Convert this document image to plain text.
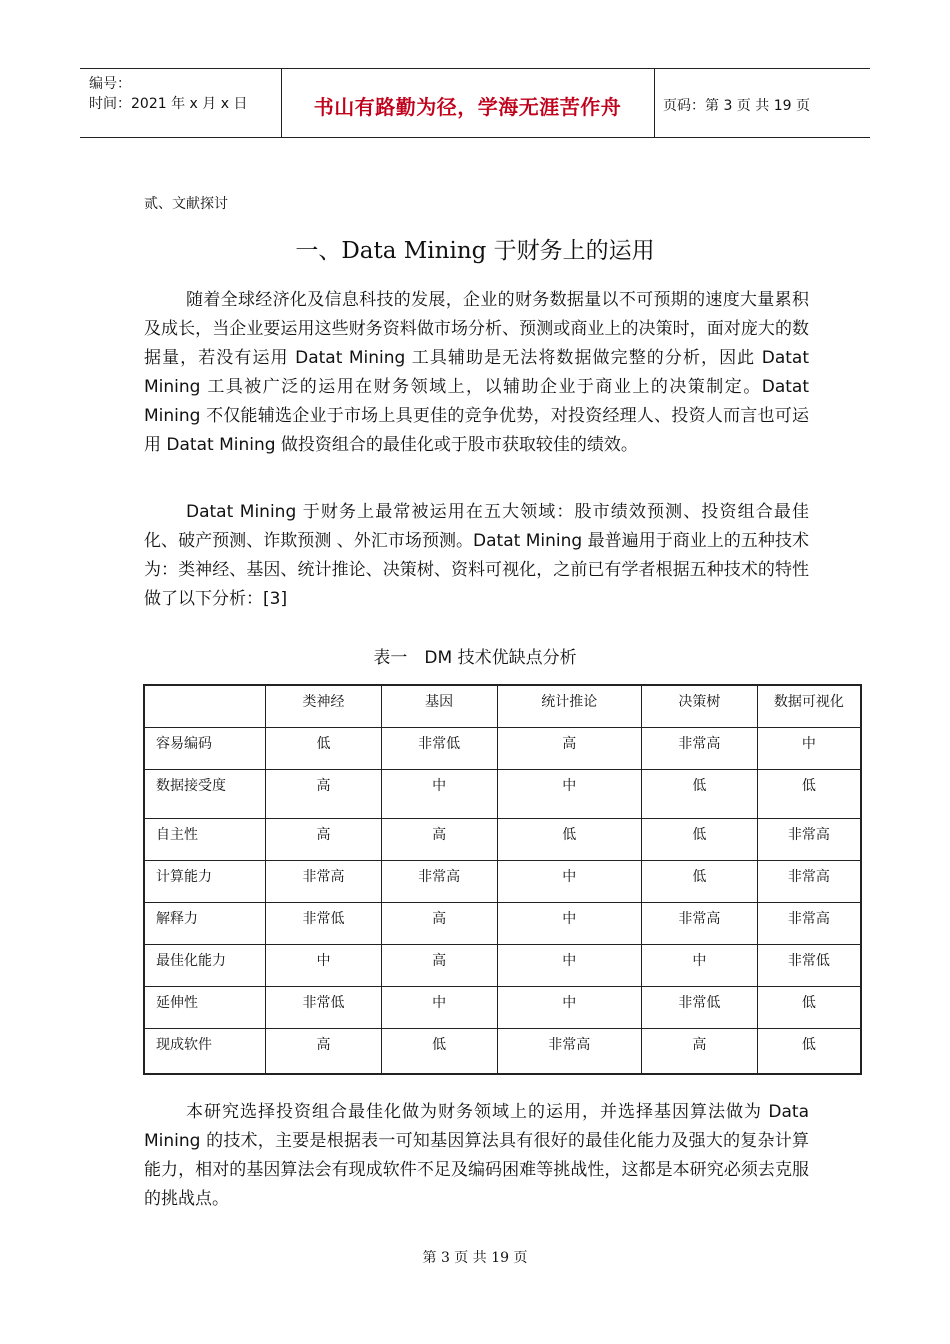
编号：
时间：2021 年 x 月 x 日	书山有路勤为径，学海无涯苦作舟	页码：第 3 页 共 19 页
贰、文献探讨
一、Data Mining 于财务上的运用
随着全球经济化及信息科技的发展，企业的财务数据量以不可预期的速度大量累积及成长，当企业要运用这些财务资料做市场分析、预测或商业上的决策时，面对庞大的数据量，若没有运用 Datat Mining 工具辅助是无法将数据做完整的分析，因此 Datat Mining 工具被广泛的运用在财务领域上，以辅助企业于商业上的决策制定。Datat Mining 不仅能辅选企业于市场上具更佳的竞争优势，对投资经理人、投资人而言也可运用 Datat Mining 做投资组合的最佳化或于股市获取较佳的绩效。
Datat Mining 于财务上最常被运用在五大领域：股市绩效预测、投资组合最佳化、破产预测、诈欺预测 、外汇市场预测。Datat Mining 最普遍用于商业上的五种技术为：类神经、基因、统计推论、决策树、资料可视化，之前已有学者根据五种技术的特性做了以下分析：[3]
表一　DM 技术优缺点分析
	类神经	基因	统计推论	决策树	数据可视化
容易编码	低	非常低	高	非常高	中
数据接受度	高	中	中	低	低
自主性	高	高	低	低	非常高
计算能力	非常高	非常高	中	低	非常高
解释力	非常低	高	中	非常高	非常高
最佳化能力	中	高	中	中	非常低
延伸性	非常低	中	中	非常低	低
现成软件	高	低	非常高	高	低
本研究选择投资组合最佳化做为财务领域上的运用，并选择基因算法做为 Data Mining 的技术，主要是根据表一可知基因算法具有很好的最佳化能力及强大的复杂计算能力，相对的基因算法会有现成软件不足及编码困难等挑战性，这都是本研究必须去克服的挑战点。
第 3 页 共 19 页
